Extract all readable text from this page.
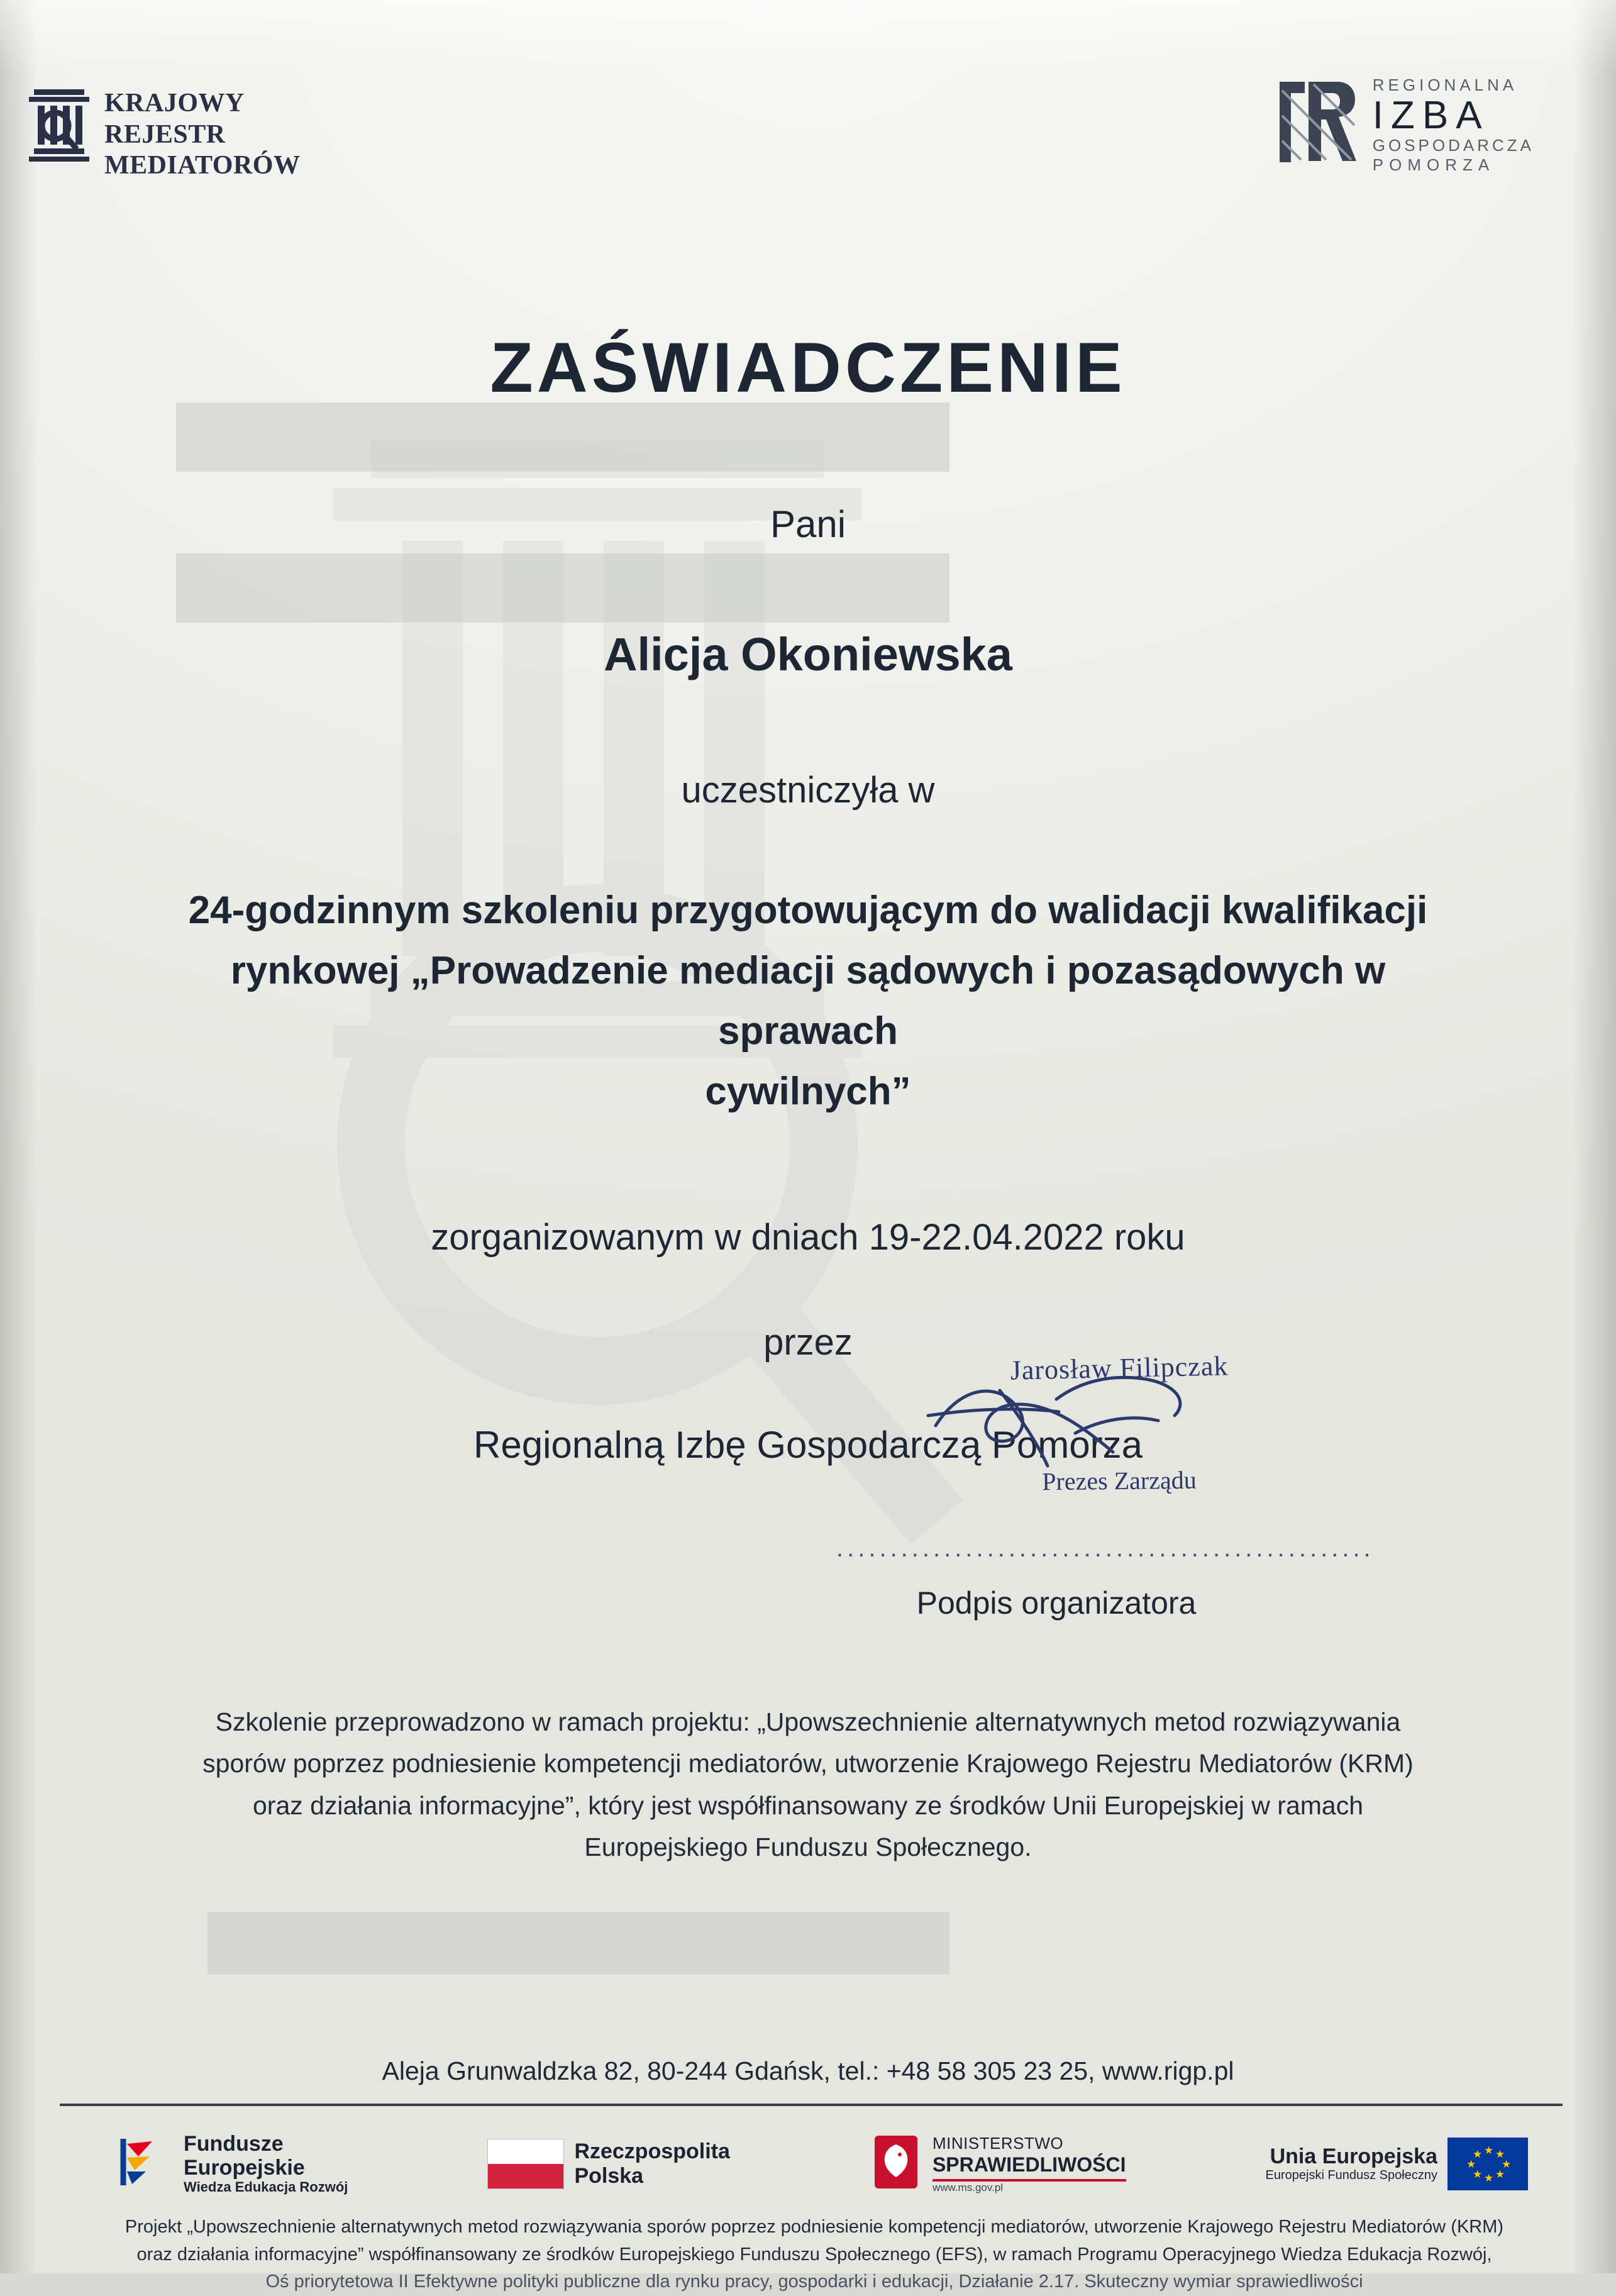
KRAJOWY
REJESTR
MEDIATORÓW
REGIONALNA
IZBA
GOSPODARCZA
POMORZA
ZAŚWIADCZENIE
Pani
Alicja Okoniewska
uczestniczyła w
24-godzinnym szkoleniu przygotowującym do walidacji kwalifikacji
rynkowej „Prowadzenie mediacji sądowych i pozasądowych w sprawach
cywilnych”
zorganizowanym w dniach 19-22.04.2022 roku
przez
Regionalną Izbę Gospodarczą Pomorza
Jarosław Filipczak
Prezes Zarządu
..................................................
Podpis organizatora
Szkolenie przeprowadzono w ramach projektu: „Upowszechnienie alternatywnych metod rozwiązywania
sporów poprzez podniesienie kompetencji mediatorów, utworzenie Krajowego Rejestru Mediatorów (KRM)
oraz działania informacyjne”, który jest współfinansowany ze środków Unii Europejskiej w ramach
Europejskiego Funduszu Społecznego.
Aleja Grunwaldzka 82, 80-244 Gdańsk, tel.: +48 58 305 23 25, www.rigp.pl
Fundusze
Europejskie
Wiedza Edukacja Rozwój
Rzeczpospolita
Polska
MINISTERSTWO
SPRAWIEDLIWOŚCI
www.ms.gov.pl
Unia Europejska
Europejski Fundusz Społeczny
★ ★
★
★
★
★
★
★
Projekt „Upowszechnienie alternatywnych metod rozwiązywania sporów poprzez podniesienie kompetencji mediatorów, utworzenie Krajowego Rejestru Mediatorów (KRM)
oraz działania informacyjne” współfinansowany ze środków Europejskiego Funduszu Społecznego (EFS), w ramach Programu Operacyjnego Wiedza Edukacja Rozwój,
Oś priorytetowa II Efektywne polityki publiczne dla rynku pracy, gospodarki i edukacji, Działanie 2.17. Skuteczny wymiar sprawiedliwości
